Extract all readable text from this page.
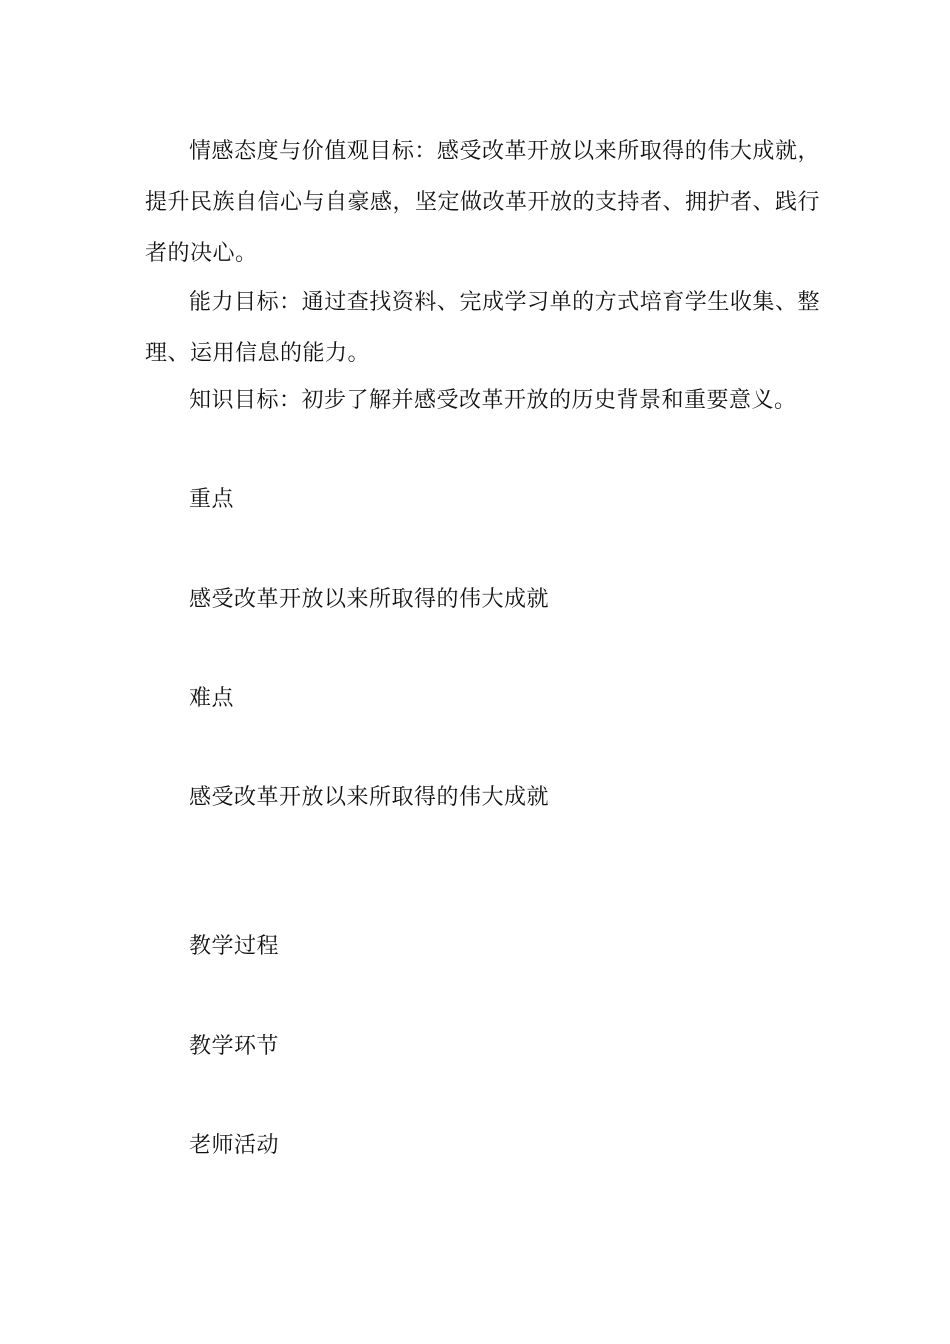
情感态度与价值观目标：感受改革开放以来所取得的伟大成就，提升民族自信心与自豪感，坚定做改革开放的支持者、拥护者、践行者的决心。

能力目标：通过查找资料、完成学习单的方式培育学生收集、整理、运用信息的能力。

知识目标：初步了解并感受改革开放的历史背景和重要意义。

重点

感受改革开放以来所取得的伟大成就

难点

感受改革开放以来所取得的伟大成就

教学过程

教学环节

老师活动
